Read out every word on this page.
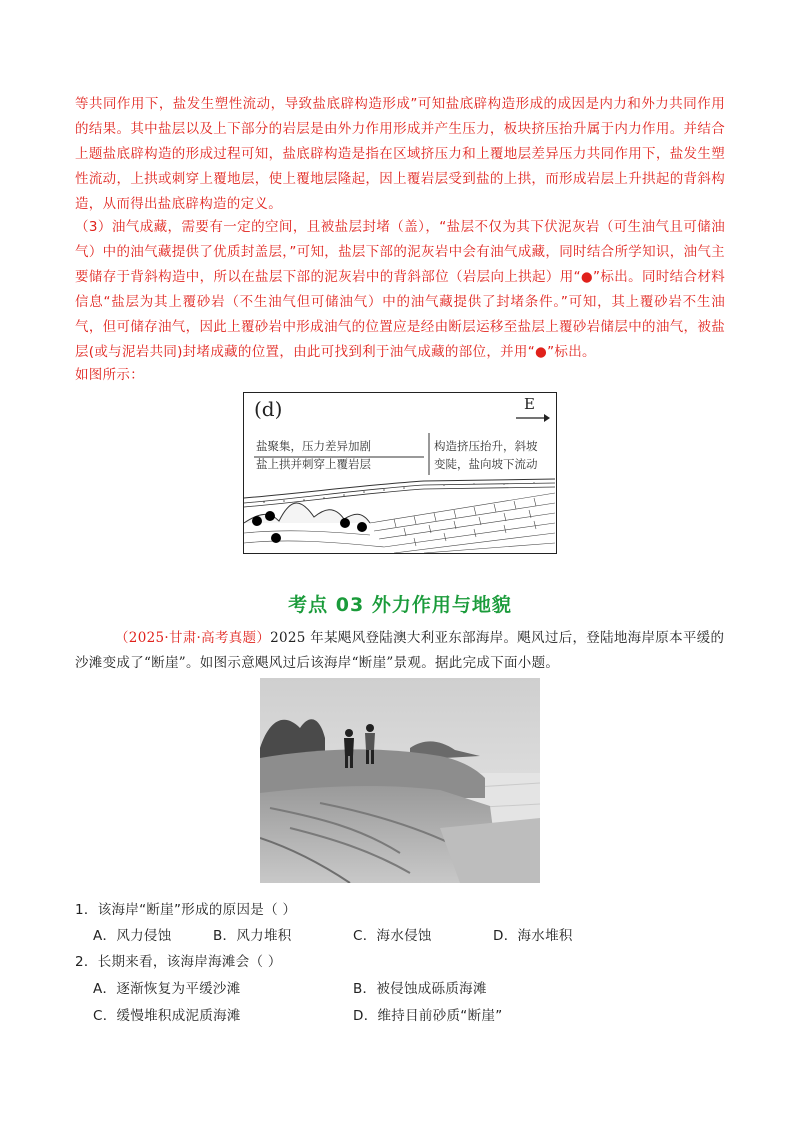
等共同作用下，盐发生塑性流动，导致盐底辟构造形成”可知盐底辟构造形成的成因是内力和外力共同作用的结果。其中盐层以及上下部分的岩层是由外力作用形成并产生压力，板块挤压抬升属于内力作用。并结合上题盐底辟构造的形成过程可知，盐底辟构造是指在区域挤压力和上覆地层差异压力共同作用下，盐发生塑性流动，上拱或刺穿上覆地层，使上覆地层隆起，因上覆岩层受到盐的上拱，而形成岩层上升拱起的背斜构造，从而得出盐底辟构造的定义。
（3）油气成藏，需要有一定的空间，且被盐层封堵（盖），“盐层不仅为其下伏泥灰岩（可生油气且可储油气）中的油气藏提供了优质封盖层，”可知，盐层下部的泥灰岩中会有油气成藏，同时结合所学知识，油气主要储存于背斜构造中，所以在盐层下部的泥灰岩中的背斜部位（岩层向上拱起）用“●”标出。同时结合材料信息“盐层为其上覆砂岩（不生油气但可储油气）中的油气藏提供了封堵条件。”可知，其上覆砂岩不生油气，但可储存油气，因此上覆砂岩中形成油气的位置应是经由断层运移至盐层上覆砂岩储层中的油气，被盐层(或与泥岩共同)封堵成藏的位置，由此可找到利于油气成藏的部位，并用“●”标出。
如图所示：
(d)	E
盐聚集，压力差异加剧
盐上拱并刺穿上覆岩层
构造挤压抬升，斜坡
变陡，盐向坡下流动
考点 03 外力作用与地貌
（2025·甘肃·高考真题）2025 年某飓风登陆澳大利亚东部海岸。飓风过后，登陆地海岸原本平缓的沙滩变成了“断崖”。如图示意飓风过后该海岸“断崖”景观。据此完成下面小题。
1．该海岸“断崖”形成的原因是（ ）
A．风力侵蚀	B．风力堆积	C．海水侵蚀	D．海水堆积
2．长期来看，该海岸海滩会（ ）
A．逐渐恢复为平缓沙滩	B．被侵蚀成砾质海滩
C．缓慢堆积成泥质海滩	D．维持目前砂质“断崖”
